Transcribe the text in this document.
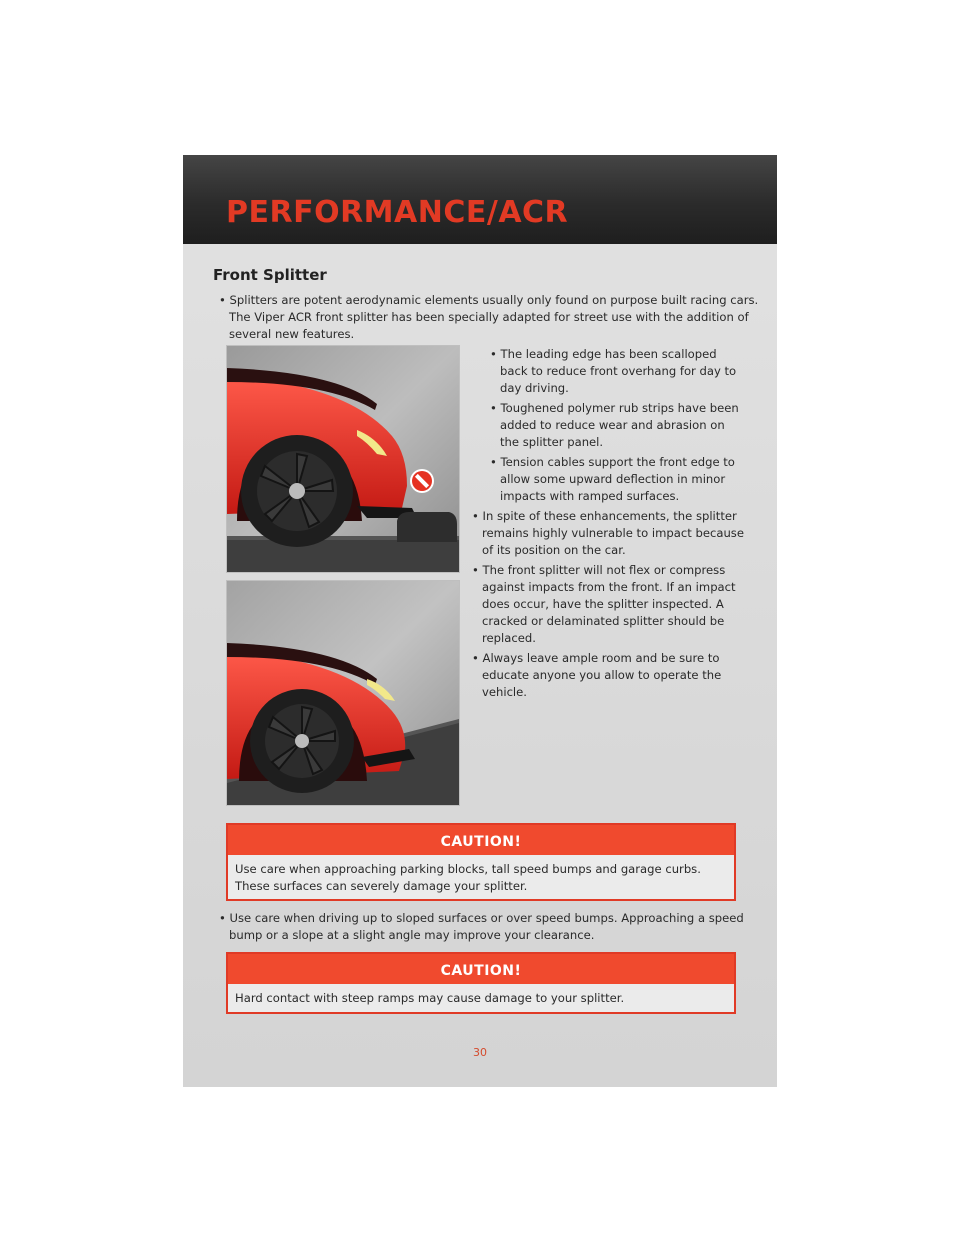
PERFORMANCE/ACR
Front Splitter
• Splitters are potent aerodynamic elements usually only found on purpose built racing cars. The Viper ACR front splitter has been specially adapted for street use with the addition of several new features.
• The leading edge has been scalloped back to reduce front overhang for day to day driving.
• Toughened polymer rub strips have been added to reduce wear and abrasion on the splitter panel.
• Tension cables support the front edge to allow some upward deflection in minor impacts with ramped surfaces.
• In spite of these enhancements, the splitter remains highly vulnerable to impact because of its position on the car.
• The front splitter will not flex or compress against impacts from the front. If an impact does occur, have the splitter inspected. A cracked or delaminated splitter should be replaced.
• Always leave ample room and be sure to educate anyone you allow to operate the vehicle.
CAUTION!
Use care when approaching parking blocks, tall speed bumps and garage curbs. These surfaces can severely damage your splitter.
• Use care when driving up to sloped surfaces or over speed bumps. Approaching a speed bump or a slope at a slight angle may improve your clearance.
CAUTION!
Hard contact with steep ramps may cause damage to your splitter.
30
